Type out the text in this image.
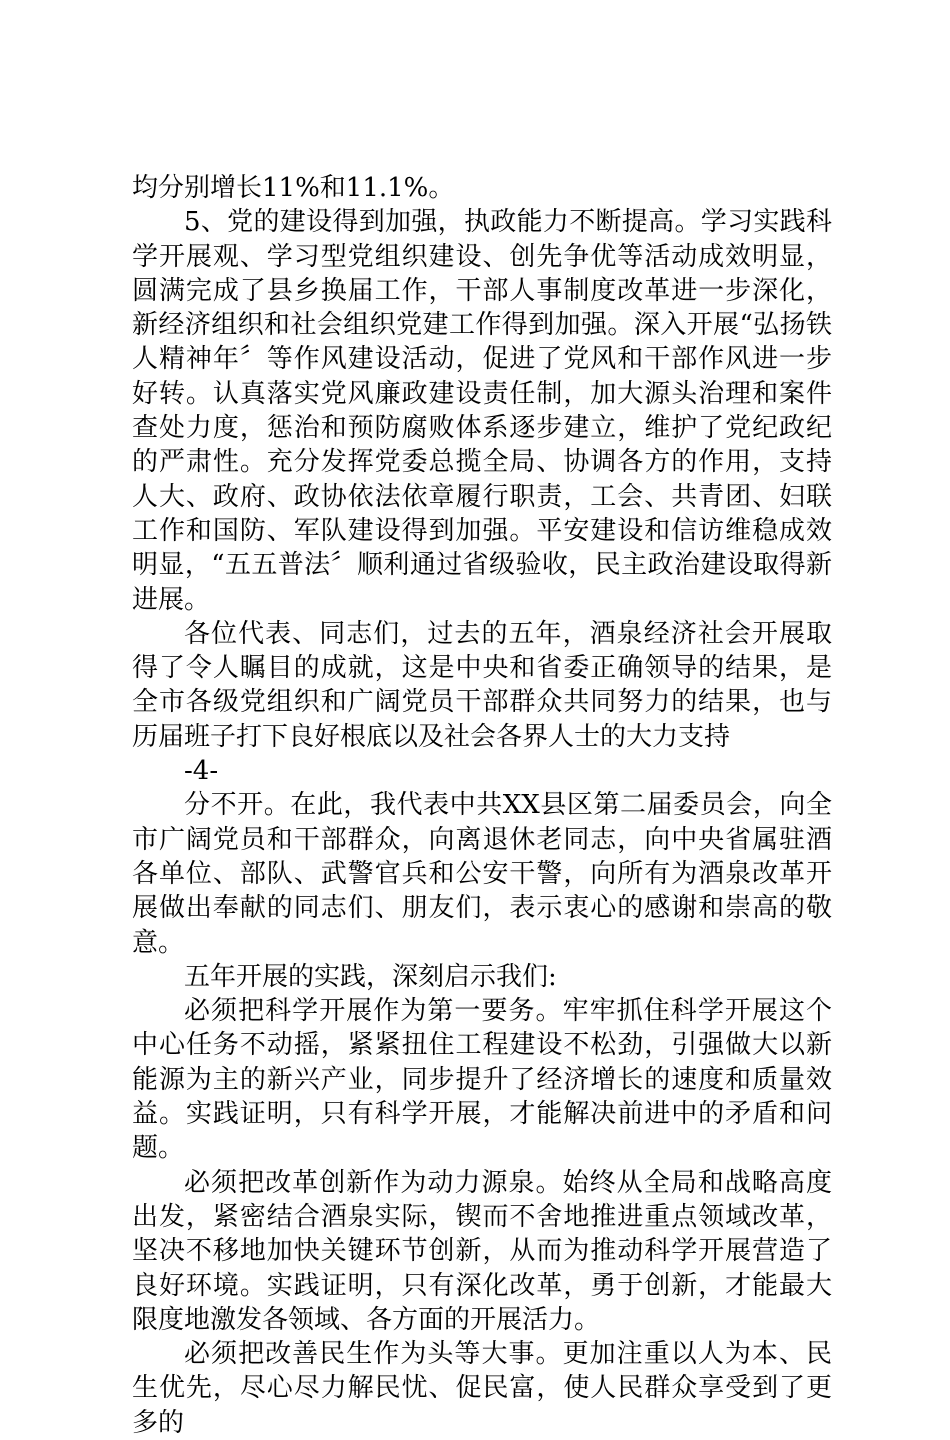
均分别增长11%和11.1%。

5、党的建设得到加强，执政能力不断提高。学习实践科学开展观、学习型党组织建设、创先争优等活动成效明显，圆满完成了县乡换届工作，干部人事制度改革进一步深化，新经济组织和社会组织党建工作得到加强。深入开展“弘扬铁人精神年〞等作风建设活动，促进了党风和干部作风进一步好转。认真落实党风廉政建设责任制，加大源头治理和案件查处力度，惩治和预防腐败体系逐步建立，维护了党纪政纪的严肃性。充分发挥党委总揽全局、协调各方的作用，支持人大、政府、政协依法依章履行职责，工会、共青团、妇联工作和国防、军队建设得到加强。平安建设和信访维稳成效明显，“五五普法〞顺利通过省级验收，民主政治建设取得新进展。

各位代表、同志们，过去的五年，酒泉经济社会开展取得了令人瞩目的成就，这是中央和省委正确领导的结果，是全市各级党组织和广阔党员干部群众共同努力的结果，也与历届班子打下良好根底以及社会各界人士的大力支持

-4-

分不开。在此，我代表中共XX县区第二届委员会，向全市广阔党员和干部群众，向离退休老同志，向中央省属驻酒各单位、部队、武警官兵和公安干警，向所有为酒泉改革开展做出奉献的同志们、朋友们，表示衷心的感谢和崇高的敬意。

五年开展的实践，深刻启示我们:

必须把科学开展作为第一要务。牢牢抓住科学开展这个中心任务不动摇，紧紧扭住工程建设不松劲，引强做大以新能源为主的新兴产业，同步提升了经济增长的速度和质量效益。实践证明，只有科学开展，才能解决前进中的矛盾和问题。

必须把改革创新作为动力源泉。始终从全局和战略高度出发，紧密结合酒泉实际，锲而不舍地推进重点领域改革，坚决不移地加快关键环节创新，从而为推动科学开展营造了良好环境。实践证明，只有深化改革，勇于创新，才能最大限度地激发各领域、各方面的开展活力。

必须把改善民生作为头等大事。更加注重以人为本、民生优先，尽心尽力解民忧、促民富，使人民群众享受到了更多的
